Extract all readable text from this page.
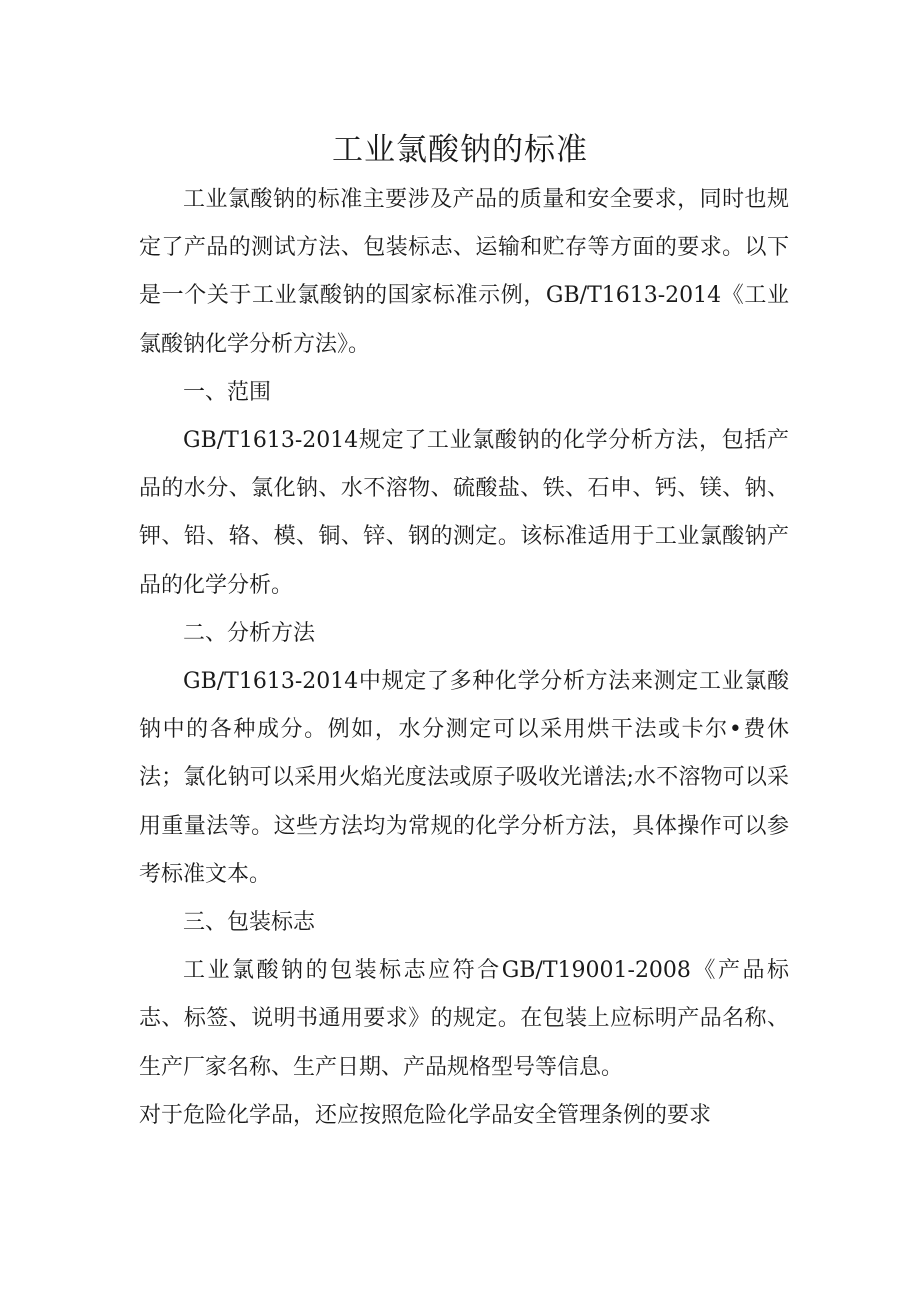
工业氯酸钠的标准

工业氯酸钠的标准主要涉及产品的质量和安全要求，同时也规定了产品的测试方法、包装标志、运输和贮存等方面的要求。以下是一个关于工业氯酸钠的国家标准示例，GB/T1613-2014《工业氯酸钠化学分析方法》。

一、范围

GB/T1613-2014规定了工业氯酸钠的化学分析方法，包括产品的水分、氯化钠、水不溶物、硫酸盐、铁、石申、钙、镁、钠、钾、铅、辂、模、铜、锌、钢的测定。该标准适用于工业氯酸钠产品的化学分析。

二、分析方法

GB/T1613-2014中规定了多种化学分析方法来测定工业氯酸钠中的各种成分。例如，水分测定可以采用烘干法或卡尔•费休法；氯化钠可以采用火焰光度法或原子吸收光谱法;水不溶物可以采用重量法等。这些方法均为常规的化学分析方法，具体操作可以参考标准文本。

三、包装标志

工业氯酸钠的包装标志应符合GB/T19001-2008《产品标志、标签、说明书通用要求》的规定。在包装上应标明产品名称、生产厂家名称、生产日期、产品规格型号等信息。

对于危险化学品，还应按照危险化学品安全管理条例的要求
